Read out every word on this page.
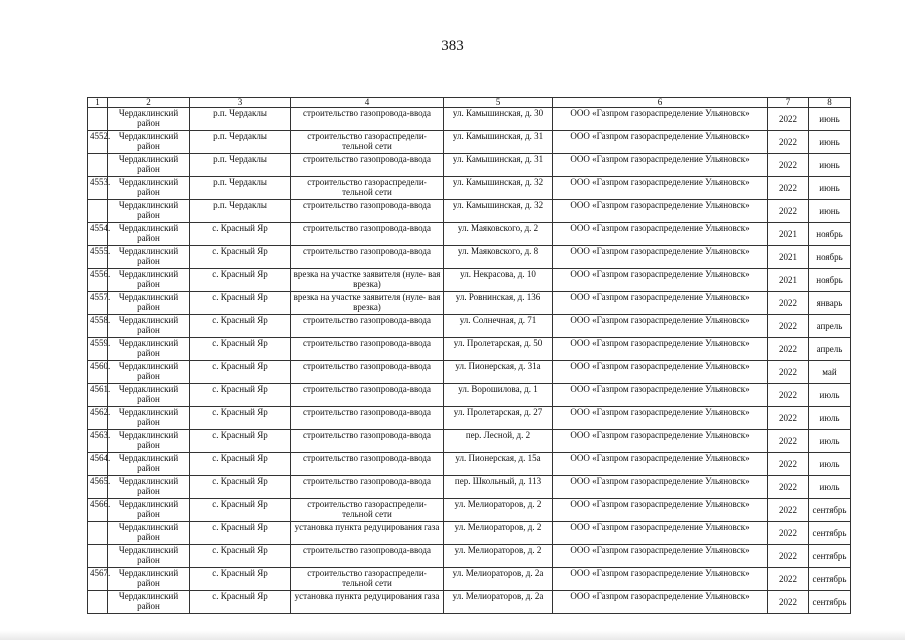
383
1	2	3	4	5	6	7	8
	Чердаклинский район	р.п. Чердаклы	строительство газопровода-ввода	ул. Камышинская, д. 30	ООО «Газпром газораспределение Ульяновск»	2022	июнь
4552.	Чердаклинский район	р.п. Чердаклы	строительство газораспредели- тельной сети	ул. Камышинская, д. 31	ООО «Газпром газораспределение Ульяновск»	2022	июнь
	Чердаклинский район	р.п. Чердаклы	строительство газопровода-ввода	ул. Камышинская, д. 31	ООО «Газпром газораспределение Ульяновск»	2022	июнь
4553.	Чердаклинский район	р.п. Чердаклы	строительство газораспредели- тельной сети	ул. Камышинская, д. 32	ООО «Газпром газораспределение Ульяновск»	2022	июнь
	Чердаклинский район	р.п. Чердаклы	строительство газопровода-ввода	ул. Камышинская, д. 32	ООО «Газпром газораспределение Ульяновск»	2022	июнь
4554.	Чердаклинский район	с. Красный Яр	строительство газопровода-ввода	ул. Маяковского, д. 2	ООО «Газпром газораспределение Ульяновск»	2021	ноябрь
4555.	Чердаклинский район	с. Красный Яр	строительство газопровода-ввода	ул. Маяковского, д. 8	ООО «Газпром газораспределение Ульяновск»	2021	ноябрь
4556.	Чердаклинский район	с. Красный Яр	врезка на участке заявителя (нуле- вая врезка)	ул. Некрасова, д. 10	ООО «Газпром газораспределение Ульяновск»	2021	ноябрь
4557.	Чердаклинский район	с. Красный Яр	врезка на участке заявителя (нуле- вая врезка)	ул. Ровнинская, д. 136	ООО «Газпром газораспределение Ульяновск»	2022	январь
4558.	Чердаклинский район	с. Красный Яр	строительство газопровода-ввода	ул. Солнечная, д. 71	ООО «Газпром газораспределение Ульяновск»	2022	апрель
4559.	Чердаклинский район	с. Красный Яр	строительство газопровода-ввода	ул. Пролетарская, д. 50	ООО «Газпром газораспределение Ульяновск»	2022	апрель
4560.	Чердаклинский район	с. Красный Яр	строительство газопровода-ввода	ул. Пионерская, д. 31а	ООО «Газпром газораспределение Ульяновск»	2022	май
4561.	Чердаклинский район	с. Красный Яр	строительство газопровода-ввода	ул. Ворошилова, д. 1	ООО «Газпром газораспределение Ульяновск»	2022	июль
4562.	Чердаклинский район	с. Красный Яр	строительство газопровода-ввода	ул. Пролетарская, д. 27	ООО «Газпром газораспределение Ульяновск»	2022	июль
4563.	Чердаклинский район	с. Красный Яр	строительство газопровода-ввода	пер. Лесной, д. 2	ООО «Газпром газораспределение Ульяновск»	2022	июль
4564.	Чердаклинский район	с. Красный Яр	строительство газопровода-ввода	ул. Пионерская, д. 15а	ООО «Газпром газораспределение Ульяновск»	2022	июль
4565.	Чердаклинский район	с. Красный Яр	строительство газопровода-ввода	пер. Школьный, д. 113	ООО «Газпром газораспределение Ульяновск»	2022	июль
4566.	Чердаклинский район	с. Красный Яр	строительство газораспредели- тельной сети	ул. Мелиораторов, д. 2	ООО «Газпром газораспределение Ульяновск»	2022	сентябрь
	Чердаклинский район	с. Красный Яр	установка пункта редуцирования газа	ул. Мелиораторов, д. 2	ООО «Газпром газораспределение Ульяновск»	2022	сентябрь
	Чердаклинский район	с. Красный Яр	строительство газопровода-ввода	ул. Мелиораторов, д. 2	ООО «Газпром газораспределение Ульяновск»	2022	сентябрь
4567.	Чердаклинский район	с. Красный Яр	строительство газораспредели- тельной сети	ул. Мелиораторов, д. 2а	ООО «Газпром газораспределение Ульяновск»	2022	сентябрь
	Чердаклинский район	с. Красный Яр	установка пункта редуцирования газа	ул. Мелиораторов, д. 2а	ООО «Газпром газораспределение Ульяновск»	2022	сентябрь
